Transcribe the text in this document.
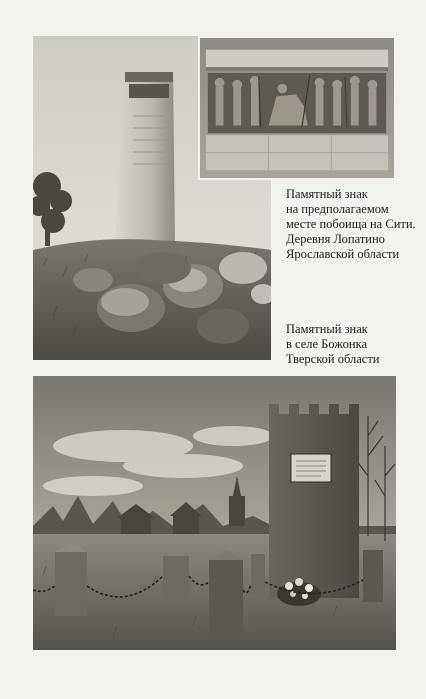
Памятный знак
на предполагаемом
месте побоища на Сити.
Деревня Лопатино
Ярославской области

Памятный знак
в селе Божонка
Тверской области
